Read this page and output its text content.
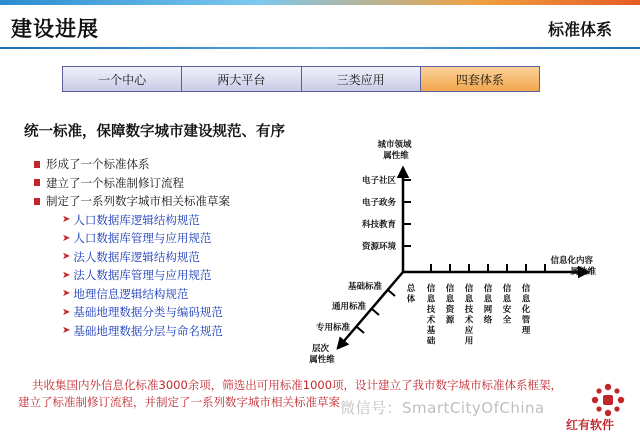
建设进展	标准体系
一个中心	两大平台	三类应用	四套体系
统一标准，保障数字城市建设规范、有序
形成了一个标准体系
建立了一个标准制修订流程
制定了一系列数字城市相关标准草案
➤ 人口数据库逻辑结构规范
➤ 人口数据库管理与应用规范
➤ 法人数据库逻辑结构规范
➤ 法人数据库管理与应用规范
➤ 地理信息逻辑结构规范
➤ 基础地理数据分类与编码规范
➤ 基础地理数据分层与命名规范
城市领域 属性维
电子社区
电子政务
科技教育
资源环境
信息化内容 属性维
基础标准
通用标准
专用标准
层次 属性维
总体
信息技术基础
信息资源
信息技术应用
信息网络
信息安全
信息化管理
共收集国内外信息化标准3000余项，筛选出可用标准1000项，设计建立了我市数字城市标准体系框架，建立了标准制修订流程，并制定了一系列数字城市相关标准草案 微信号：SmartCityOfChina
红有软件
